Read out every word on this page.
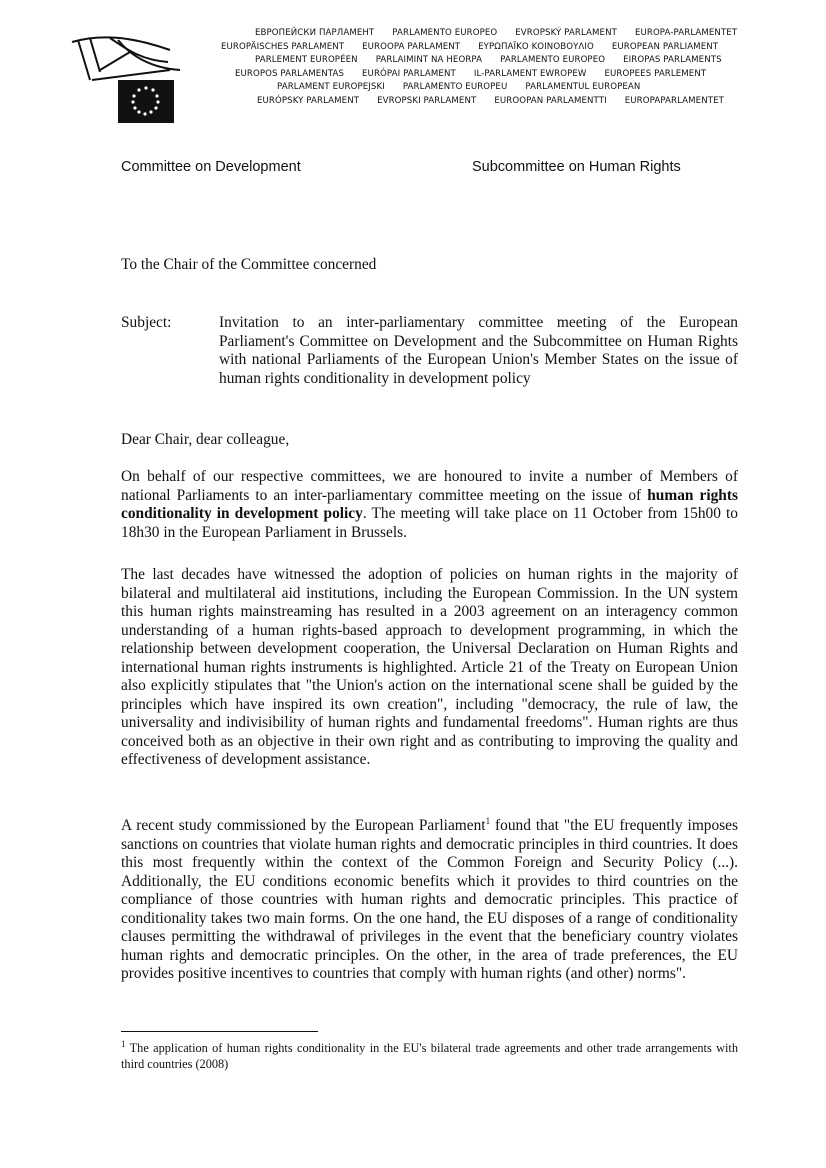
ЕВРОПЕЙСКИ ПАРЛАМЕНТ PARLAMENTO EUROPEO EVROPSKÝ PARLAMENT EUROPA-PARLAMENTET
EUROPÄISCHES PARLAMENT EUROOPA PARLAMENT ΕΥΡΩΠΑΪΚΟ ΚΟΙΝΟΒΟΥΛΙΟ EUROPEAN PARLIAMENT
PARLEMENT EUROPÉEN PARLAIMINT NA HEORPA PARLAMENTO EUROPEO EIROPAS PARLAMENTS
EUROPOS PARLAMENTAS EURÓPAI PARLAMENT IL-PARLAMENT EWROPEW EUROPEES PARLEMENT
PARLAMENT EUROPEJSKI PARLAMENTO EUROPEU PARLAMENTUL EUROPEAN
EURÓPSKY PARLAMENT EVROPSKI PARLAMENT EUROOPAN PARLAMENTTI EUROPAPARLAMENTET
Committee on Development	Subcommittee on Human Rights
To the Chair of the Committee concerned
Subject:	Invitation to an inter-parliamentary committee meeting of the European Parliament's Committee on Development and the Subcommittee on Human Rights with national Parliaments of the European Union's Member States on the issue of human rights conditionality in development policy
Dear Chair, dear colleague,
On behalf of our respective committees, we are honoured to invite a number of Members of national Parliaments to an inter-parliamentary committee meeting on the issue of human rights conditionality in development policy. The meeting will take place on 11 October from 15h00 to 18h30 in the European Parliament in Brussels.
The last decades have witnessed the adoption of policies on human rights in the majority of bilateral and multilateral aid institutions, including the European Commission. In the UN system this human rights mainstreaming has resulted in a 2003 agreement on an interagency common understanding of a human rights-based approach to development programming, in which the relationship between development cooperation, the Universal Declaration on Human Rights and international human rights instruments is highlighted. Article 21 of the Treaty on European Union also explicitly stipulates that "the Union's action on the international scene shall be guided by the principles which have inspired its own creation", including "democracy, the rule of law, the universality and indivisibility of human rights and fundamental freedoms". Human rights are thus conceived both as an objective in their own right and as contributing to improving the quality and effectiveness of development assistance.
A recent study commissioned by the European Parliament$^1$ found that "the EU frequently imposes sanctions on countries that violate human rights and democratic principles in third countries. It does this most frequently within the context of the Common Foreign and Security Policy (...). Additionally, the EU conditions economic benefits which it provides to third countries on the compliance of those countries with human rights and democratic principles. This practice of conditionality takes two main forms. On the one hand, the EU disposes of a range of conditionality clauses permitting the withdrawal of privileges in the event that the beneficiary country violates human rights and democratic principles. On the other, in the area of trade preferences, the EU provides positive incentives to countries that comply with human rights (and other) norms".
$^1$ The application of human rights conditionality in the EU's bilateral trade agreements and other trade arrangements with third countries (2008)
